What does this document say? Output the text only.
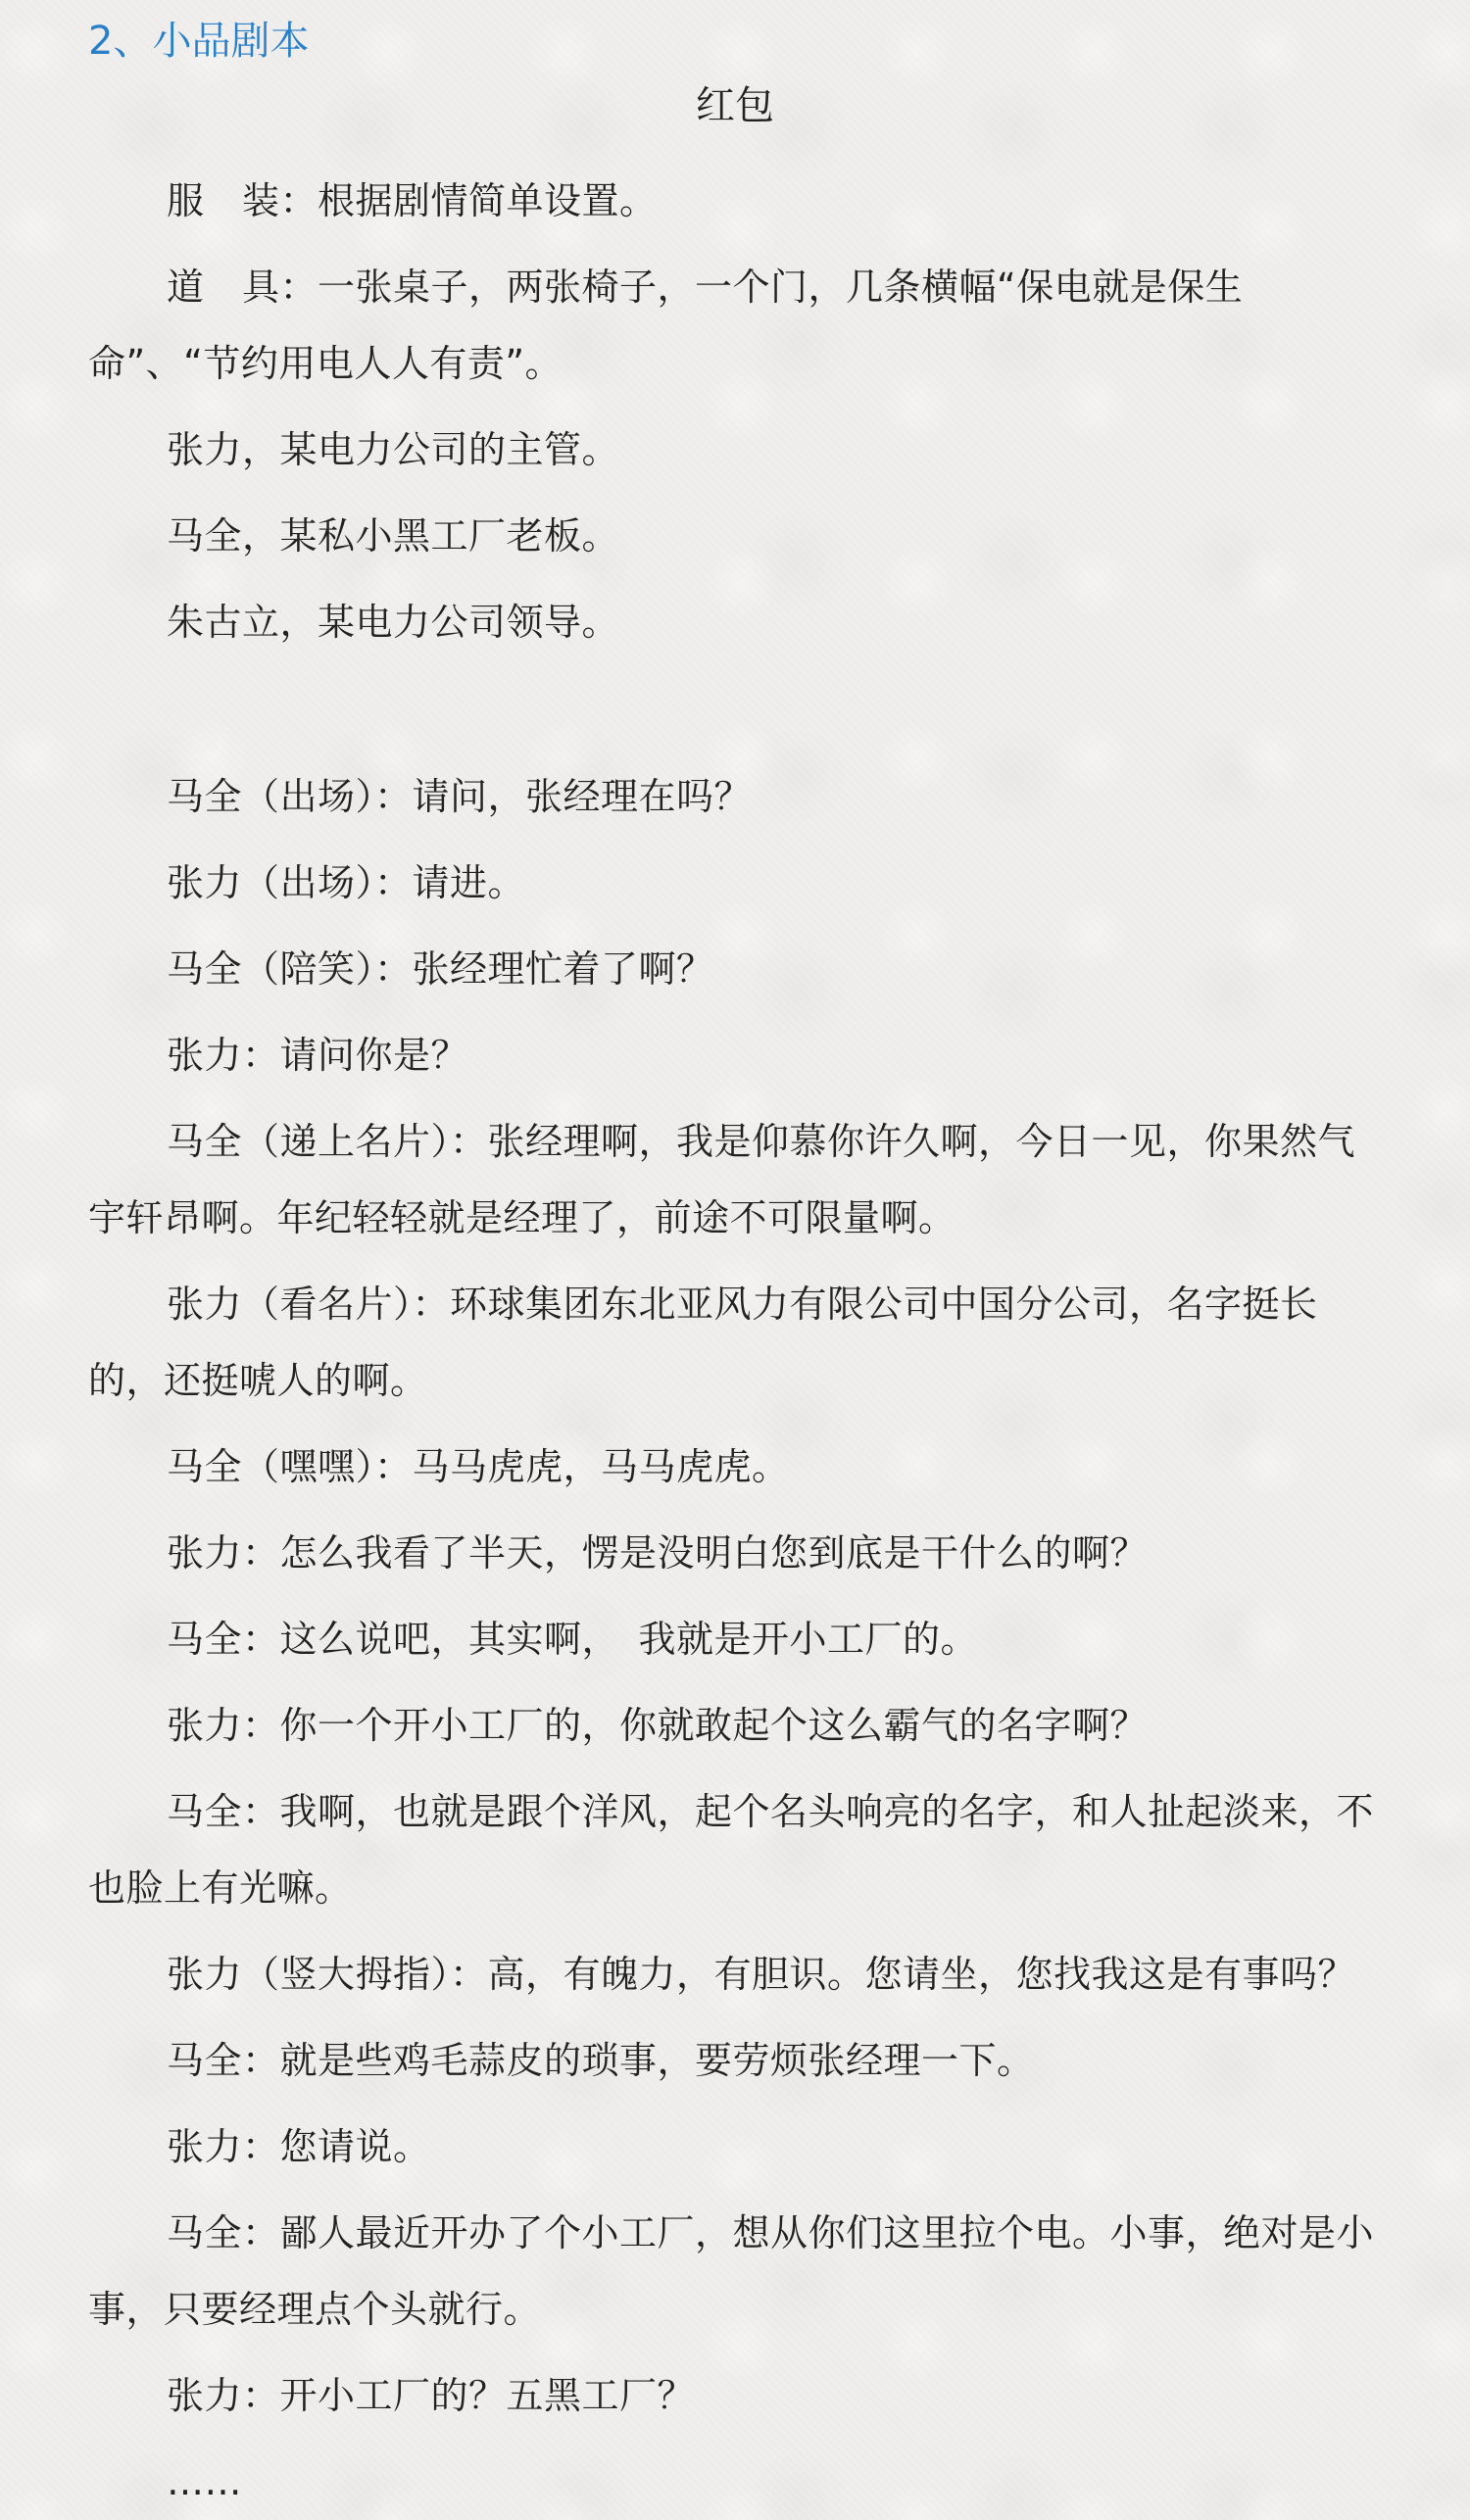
2、小品剧本
红包

服　装：根据剧情简单设置。

道　具：一张桌子，两张椅子，一个门，几条横幅“保电就是保生命”、“节约用电人人有责”。

张力，某电力公司的主管。

马全，某私小黑工厂老板。

朱古立，某电力公司领导。

马全（出场）：请问，张经理在吗？

张力（出场）：请进。

马全（陪笑）：张经理忙着了啊？

张力：请问你是？

马全（递上名片）：张经理啊，我是仰慕你许久啊，今日一见，你果然气宇轩昂啊。年纪轻轻就是经理了，前途不可限量啊。

张力（看名片）：环球集团东北亚风力有限公司中国分公司，名字挺长的，还挺唬人的啊。

马全（嘿嘿）：马马虎虎，马马虎虎。

张力：怎么我看了半天，愣是没明白您到底是干什么的啊？

马全：这么说吧，其实啊，　我就是开小工厂的。

张力：你一个开小工厂的，你就敢起个这么霸气的名字啊？

马全：我啊，也就是跟个洋风，起个名头响亮的名字，和人扯起淡来，不也脸上有光嘛。

张力（竖大拇指）：高，有魄力，有胆识。您请坐，您找我这是有事吗？

马全：就是些鸡毛蒜皮的琐事，要劳烦张经理一下。

张力：您请说。

马全：鄙人最近开办了个小工厂，想从你们这里拉个电。小事，绝对是小事，只要经理点个头就行。

张力：开小工厂的？五黑工厂？

……
